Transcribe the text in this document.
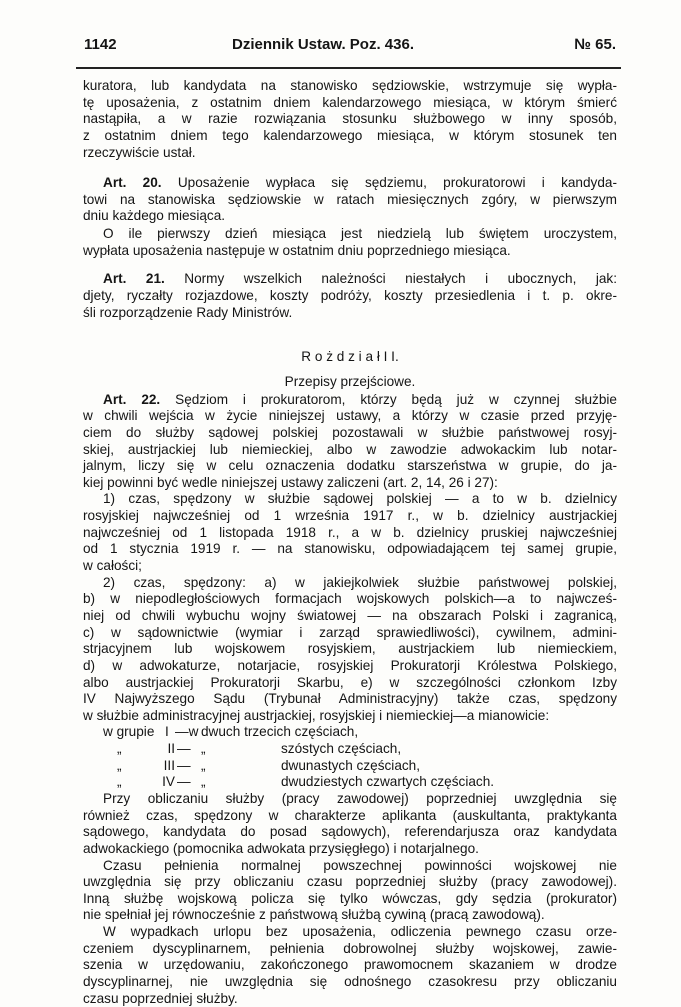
1142	Dziennik Ustaw. Poz. 436.	№ 65.
kuratora, lub kandydata na stanowisko sędziowskie, wstrzymuje się wypła-
tę uposażenia, z ostatnim dniem kalendarzowego miesiąca, w którym śmierć
nastąpiła, a w razie rozwiązania stosunku służbowego w inny sposób,
z ostatnim dniem tego kalendarzowego miesiąca, w którym stosunek ten
rzeczywiście ustał.
Art. 20. Uposażenie wypłaca się sędziemu, prokuratorowi i kandyda-
towi na stanowiska sędziowskie w ratach miesięcznych zgóry, w pierwszym
dniu każdego miesiąca.
O ile pierwszy dzień miesiąca jest niedzielą lub świętem uroczystem,
wypłata uposażenia następuje w ostatnim dniu poprzedniego miesiąca.
Art. 21. Normy wszelkich należności niestałych i ubocznych, jak:
djety, ryczałty rozjazdowe, koszty podróży, koszty przesiedlenia i t. p. okre-
śli rozporządzenie Rady Ministrów.
R o ż d z i a ł I I.
Przepisy przejściowe.
Art. 22. Sędziom i prokuratorom, którzy będą już w czynnej służbie
w chwili wejścia w życie niniejszej ustawy, a którzy w czasie przed przyję-
ciem do służby sądowej polskiej pozostawali w służbie państwowej rosyj-
skiej, austrjackiej lub niemieckiej, albo w zawodzie adwokackim lub notar-
jalnym, liczy się w celu oznaczenia dodatku starszeństwa w grupie, do ja-
kiej powinni być wedle niniejszej ustawy zaliczeni (art. 2, 14, 26 i 27):
1) czas, spędzony w służbie sądowej polskiej — a to w b. dzielnicy
rosyjskiej najwcześniej od 1 września 1917 r., w b. dzielnicy austrjackiej
najwcześniej od 1 listopada 1918 r., a w b. dzielnicy pruskiej najwcześniej
od 1 stycznia 1919 r. — na stanowisku, odpowiadającem tej samej grupie,
w całości;
2) czas, spędzony: a) w jakiejkolwiek służbie państwowej polskiej,
b) w niepodległościowych formacjach wojskowych polskich—a to najwcześ-
niej od chwili wybuchu wojny światowej — na obszarach Polski i zagranicą,
c) w sądownictwie (wymiar i zarząd sprawiedliwości), cywilnem, admini-
strjacyjnem lub wojskowem rosyjskiem, austrjackiem lub niemieckiem,
d) w adwokaturze, notarjacie, rosyjskiej Prokuratorji Królestwa Polskiego,
albo austrjackiej Prokuratorji Skarbu, e) w szczególności członkom Izby
IV Najwyższego Sądu (Trybunał Administracyjny) także czas, spędzony
w służbie administracyjnej austrjackiej, rosyjskiej i niemieckiej—a mianowicie:
w grupie I —w dwuch trzecich częściach,
„	II — „	szóstych częściach,
„	III — „	dwunastych częściach,
„	IV — „	dwudziestych czwartych częściach.
Przy obliczaniu służby (pracy zawodowej) poprzedniej uwzględnia się
również czas, spędzony w charakterze aplikanta (auskultanta, praktykanta
sądowego, kandydata do posad sądowych), referendarjusza oraz kandydata
adwokackiego (pomocnika adwokata przysięgłego) i notarjalnego.
Czasu pełnienia normalnej powszechnej powinności wojskowej nie
uwzględnia się przy obliczaniu czasu poprzedniej służby (pracy zawodowej).
Inną służbę wojskową policza się tylko wówczas, gdy sędzia (prokurator)
nie spełniał jej równocześnie z państwową służbą cywiną (pracą zawodową).
W wypadkach urlopu bez uposażenia, odliczenia pewnego czasu orze-
czeniem dyscyplinarnem, pełnienia dobrowolnej służby wojskowej, zawie-
szenia w urzędowaniu, zakończonego prawomocnem skazaniem w drodze
dyscyplinarnej, nie uwzględnia się odnośnego czasokresu przy obliczaniu
czasu poprzedniej służby.
